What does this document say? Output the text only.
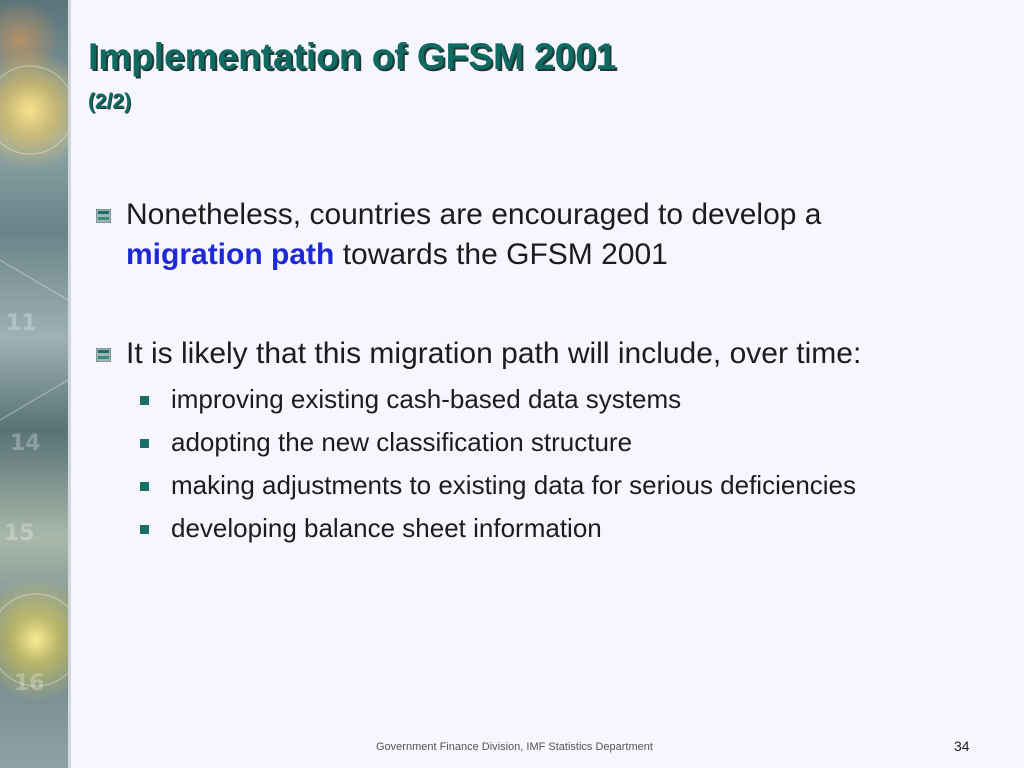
11
14
15
16
Implementation of GFSM 2001
(2/2)
Nonetheless, countries are encouraged to develop a
migration path towards the GFSM 2001
It is likely that this migration path will include, over time:
improving existing cash-based data systems
adopting the new classification structure
making adjustments to existing data for serious deficiencies
developing balance sheet information
Government Finance Division, IMF Statistics Department	34
